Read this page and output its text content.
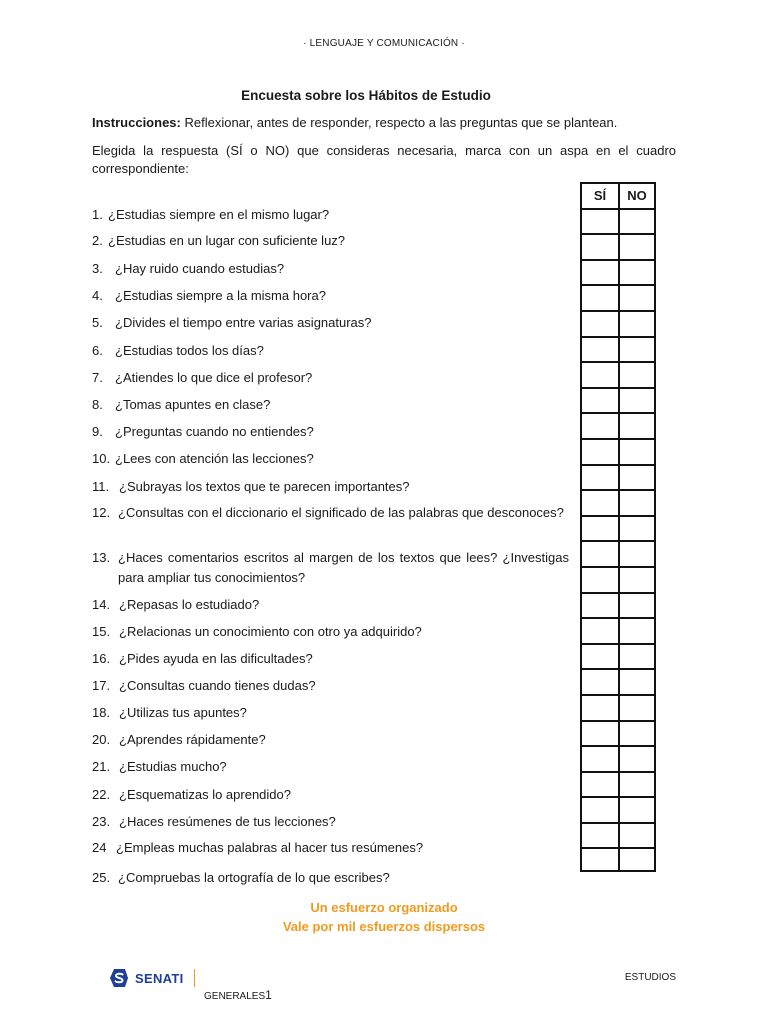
· LENGUAJE Y COMUNICACIÓN ·
Encuesta sobre los Hábitos de Estudio
Instrucciones: Reflexionar, antes de responder, respecto a las preguntas que se plantean.
Elegida la respuesta (SÍ o NO) que consideras necesaria, marca con un aspa en el cuadro correspondiente:
1. ¿Estudias siempre en el mismo lugar?
2. ¿Estudias en un lugar con suficiente luz?
3. ¿Hay ruido cuando estudias?
4. ¿Estudias siempre a la misma hora?
5. ¿Divides el tiempo entre varias asignaturas?
6. ¿Estudias todos los días?
7. ¿Atiendes lo que dice el profesor?
8. ¿Tomas apuntes en clase?
9. ¿Preguntas cuando no entiendes?
10. ¿Lees con atención las lecciones?
11. ¿Subrayas los textos que te parecen importantes?
12. ¿Consultas con el diccionario el significado de las palabras que desconoces?
13. ¿Haces comentarios escritos al margen de los textos que lees? ¿Investigas para ampliar tus conocimientos?
14. ¿Repasas lo estudiado?
15. ¿Relacionas un conocimiento con otro ya adquirido?
16. ¿Pides ayuda en las dificultades?
17. ¿Consultas cuando tienes dudas?
18. ¿Utilizas tus apuntes?
20. ¿Aprendes rápidamente?
21. ¿Estudias mucho?
22. ¿Esquematizas lo aprendido?
23. ¿Haces resúmenes de tus lecciones?
24 ¿Empleas muchas palabras al hacer tus resúmenes?
25. ¿Compruebas la ortografía de lo que escribes?
SÍ	NO
Un esfuerzo organizado
Vale por mil esfuerzos dispersos
SENATI
GENERALES1
ESTUDIOS
